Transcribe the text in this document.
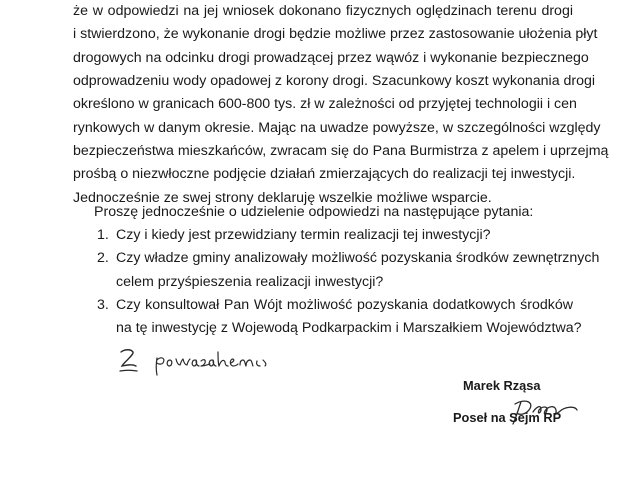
że w odpowiedzi na jej wniosek dokonano fizycznych oględzinach terenu drogi
i stwierdzono, że wykonanie drogi będzie możliwe przez zastosowanie ułożenia płyt
drogowych na odcinku drogi prowadzącej przez wąwóz i wykonanie bezpiecznego
odprowadzeniu wody opadowej z korony drogi. Szacunkowy koszt wykonania drogi
określono w granicach 600-800 tys. zł w zależności od przyjętej technologii i cen
rynkowych w danym okresie. Mając na uwadze powyższe, w szczególności względy
bezpieczeństwa mieszkańców, zwracam się do Pana Burmistrza z apelem i uprzejmą
prośbą o niezwłoczne podjęcie działań zmierzających do realizacji tej inwestycji.
Jednocześnie ze swej strony deklaruję wszelkie możliwe wsparcie.
Proszę jednocześnie o udzielenie odpowiedzi na następujące pytania:
1. Czy i kiedy jest przewidziany termin realizacji tej inwestycji?
2. Czy władze gminy analizowały możliwość pozyskania środków zewnętrznych
celem przyśpieszenia realizacji inwestycji?
3. Czy konsultował Pan Wójt możliwość pozyskania dodatkowych środków
na tę inwestycję z Wojewodą Podkarpackim i Marszałkiem Województwa?
z poważaniem
Marek Rząsa
Poseł na Sejm RP
